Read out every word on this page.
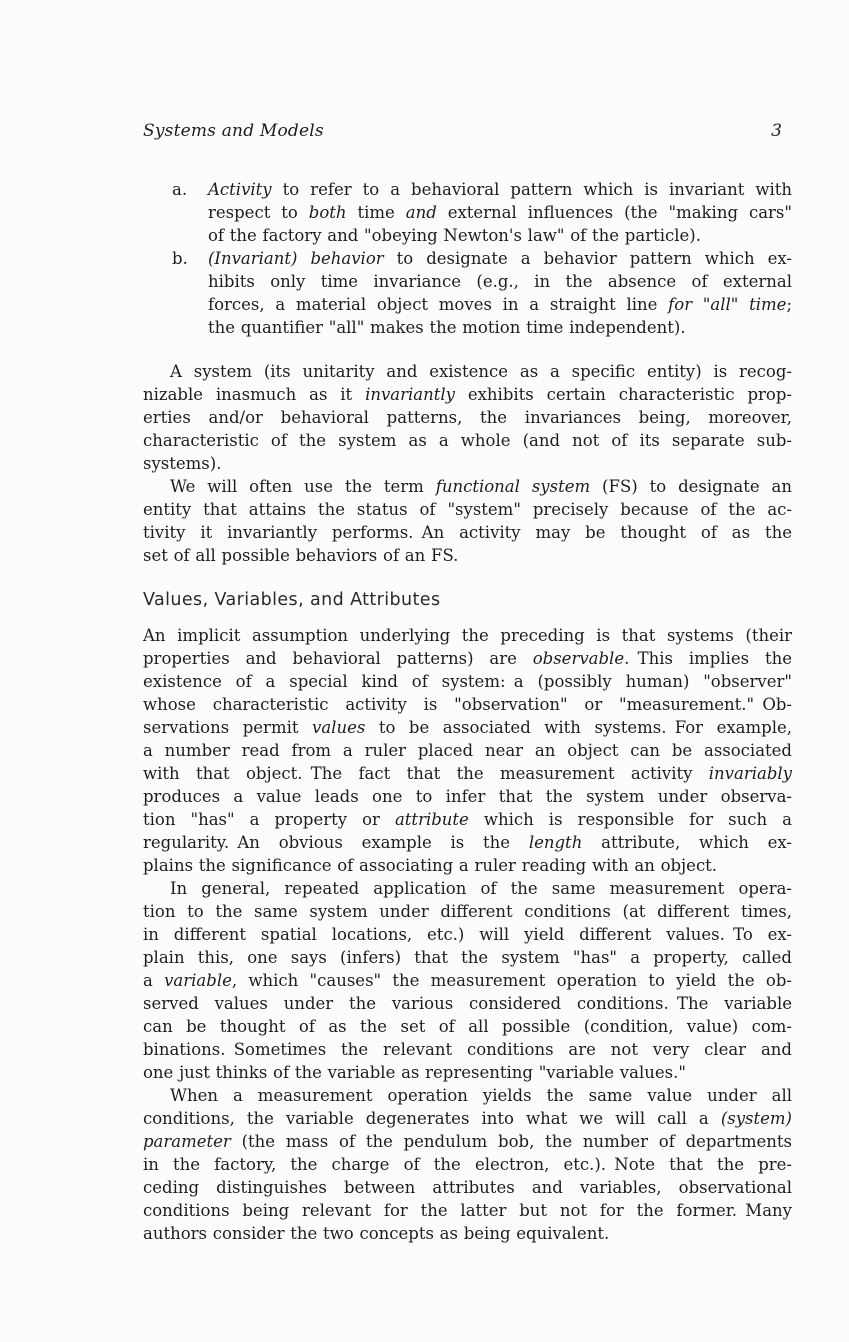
Systems and Models	3
a. Activity to refer to a behavioral pattern which is invariant with
respect to both time and external influences (the "making cars"
of the factory and "obeying Newton's law" of the particle).
b. (Invariant) behavior to designate a behavior pattern which ex-
hibits only time invariance (e.g., in the absence of external
forces, a material object moves in a straight line for "all" time;
the quantifier "all" makes the motion time independent).
A system (its unitarity and existence as a specific entity) is recog-
nizable inasmuch as it invariantly exhibits certain characteristic prop-
erties and/or behavioral patterns, the invariances being, moreover,
characteristic of the system as a whole (and not of its separate sub-
systems).
We will often use the term functional system (FS) to designate an
entity that attains the status of "system" precisely because of the ac-
tivity it invariantly performs. An activity may be thought of as the
set of all possible behaviors of an FS.
Values, Variables, and Attributes
An implicit assumption underlying the preceding is that systems (their
properties and behavioral patterns) are observable. This implies the
existence of a special kind of system: a (possibly human) "observer"
whose characteristic activity is "observation" or "measurement." Ob-
servations permit values to be associated with systems. For example,
a number read from a ruler placed near an object can be associated
with that object. The fact that the measurement activity invariably
produces a value leads one to infer that the system under observa-
tion "has" a property or attribute which is responsible for such a
regularity. An obvious example is the length attribute, which ex-
plains the significance of associating a ruler reading with an object.
In general, repeated application of the same measurement opera-
tion to the same system under different conditions (at different times,
in different spatial locations, etc.) will yield different values. To ex-
plain this, one says (infers) that the system "has" a property, called
a variable, which "causes" the measurement operation to yield the ob-
served values under the various considered conditions. The variable
can be thought of as the set of all possible (condition, value) com-
binations. Sometimes the relevant conditions are not very clear and
one just thinks of the variable as representing "variable values."
When a measurement operation yields the same value under all
conditions, the variable degenerates into what we will call a (system)
parameter (the mass of the pendulum bob, the number of departments
in the factory, the charge of the electron, etc.). Note that the pre-
ceding distinguishes between attributes and variables, observational
conditions being relevant for the latter but not for the former. Many
authors consider the two concepts as being equivalent.
